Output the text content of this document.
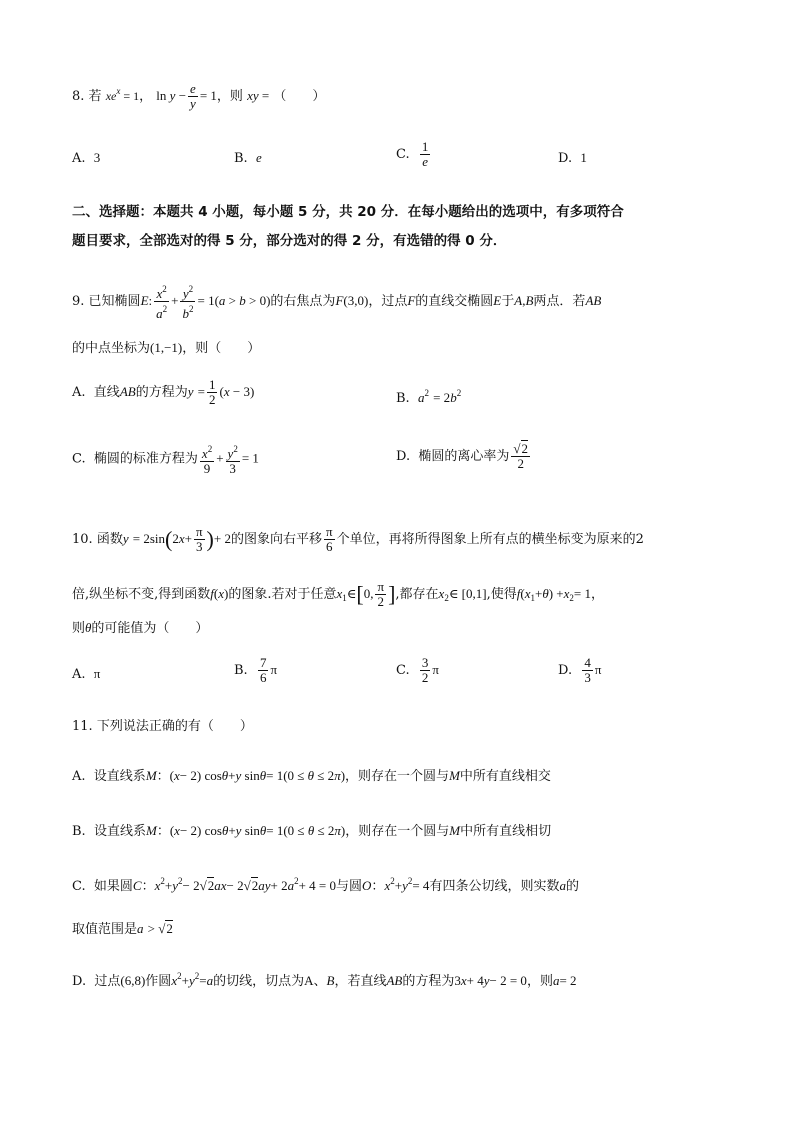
8. 若 $xe^x = 1$， $\ln y - \frac{e}{y} = 1$，则 xy = （　　）
A. 3	B. e	C. $\frac{1}{e}$	D. 1
二、选择题：本题共 4 小题，每小题 5 分，共 20 分．在每小题给出的选项中，有多项符合
题目要求，全部选对的得 5 分，部分选对的得 2 分，有选错的得 0 分．
9. 已知椭圆E: $\frac{x^2}{a^2} + \frac{y^2}{b^2} = 1(a > b > 0)$的右焦点为F(3,0)，过点F的直线交椭圆E于A,B两点．若AB
的中点坐标为(1,−1)，则（　　）
A. 直线AB的方程为$y = \frac{1}{2} (x - 3)$	B. $a^2 = 2b^2$
C. 椭圆的标准方程为 $\frac{x^2}{9} + \frac{y^2}{3} = 1$	D. 椭圆的离心率为 $\frac{√2}{2}$
10. 函数$y = 2\sin(2x+ \frac{\pi}{3}$ )+ 2的图象向右平移 $\frac{\pi}{6}$ 个单位，再将所得图象上所有点的横坐标变为原来的2
倍,纵坐标不变,得到函数f(x)的图象.若对于任意$x_1\in[0$, $\frac{\pi}{2}$ ],都存在$x_2\in$ [0,1],使得$f(x_1+\theta) +x_2= 1$，
则θ的可能值为（　　）
A. π	B. $\frac{7}{6}$ π	C. $\frac{3}{2}$ π	D. $\frac{4}{3}$ π
11. 下列说法正确的有（　　）
A. 设直线系M：(x− 2) cosθ+y sinθ= 1(0 ≤ θ ≤ 2π)，则存在一个圆与M中所有直线相交
B. 设直线系M：(x− 2) cosθ+y sinθ= 1(0 ≤ θ ≤ 2π)，则存在一个圆与M中所有直线相切
C. 如果圆C：$x^2+y^2- 2√2ax- 2√2ay+ 2a^2+ 4 = 0$与圆O：$x^2+y^2= 4$有四条公切线，则实数a的
取值范围是a > √2
D. 过点(6,8)作圆$x^2+y^2=a$的切线，切点为A、B，若直线AB的方程为3x+ 4y− 2 = 0，则a= 2
